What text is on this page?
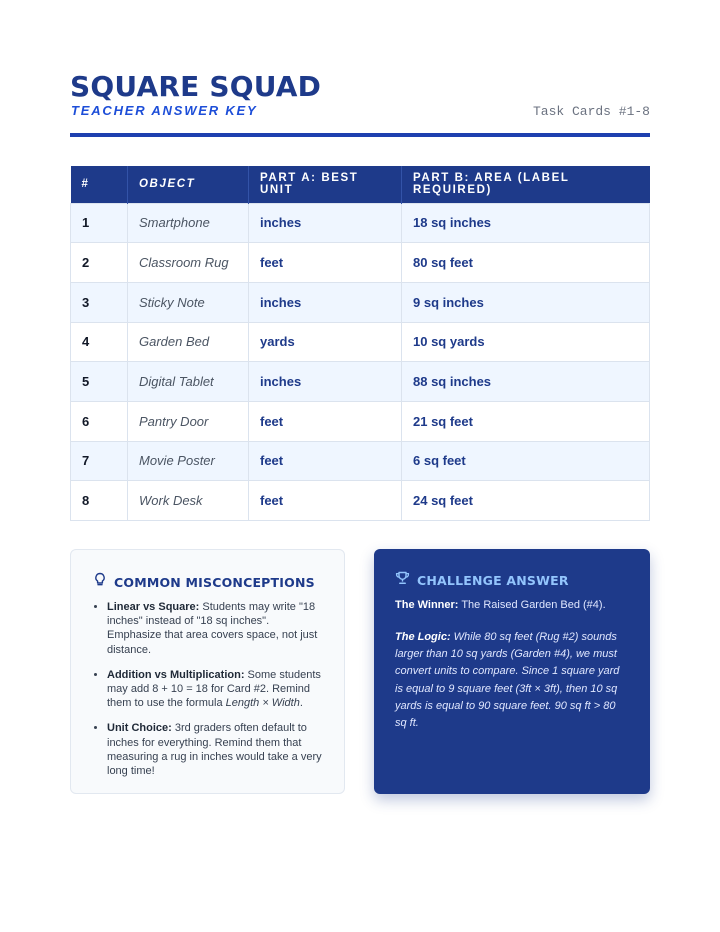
SQUARE SQUAD
TEACHER ANSWER KEY	Task Cards #1-8
#	OBJECT	PART A: BEST UNIT	PART B: AREA (LABEL REQUIRED)
1	Smartphone	inches	18 sq inches
2	Classroom Rug	feet	80 sq feet
3	Sticky Note	inches	9 sq inches
4	Garden Bed	yards	10 sq yards
5	Digital Tablet	inches	88 sq inches
6	Pantry Door	feet	21 sq feet
7	Movie Poster	feet	6 sq feet
8	Work Desk	feet	24 sq feet
COMMON MISCONCEPTIONS
• Linear vs Square: Students may write "18 inches" instead of "18 sq inches". Emphasize that area covers space, not just distance.
• Addition vs Multiplication: Some students may add 8 + 10 = 18 for Card #2. Remind them to use the formula Length × Width.
• Unit Choice: 3rd graders often default to inches for everything. Remind them that measuring a rug in inches would take a very long time!
CHALLENGE ANSWER

The Winner: The Raised Garden Bed (#4).

The Logic: While 80 sq feet (Rug #2) sounds larger than 10 sq yards (Garden #4), we must convert units to compare. Since 1 square yard is equal to 9 square feet (3ft × 3ft), then 10 sq yards is equal to 90 square feet. 90 sq ft > 80 sq ft.
